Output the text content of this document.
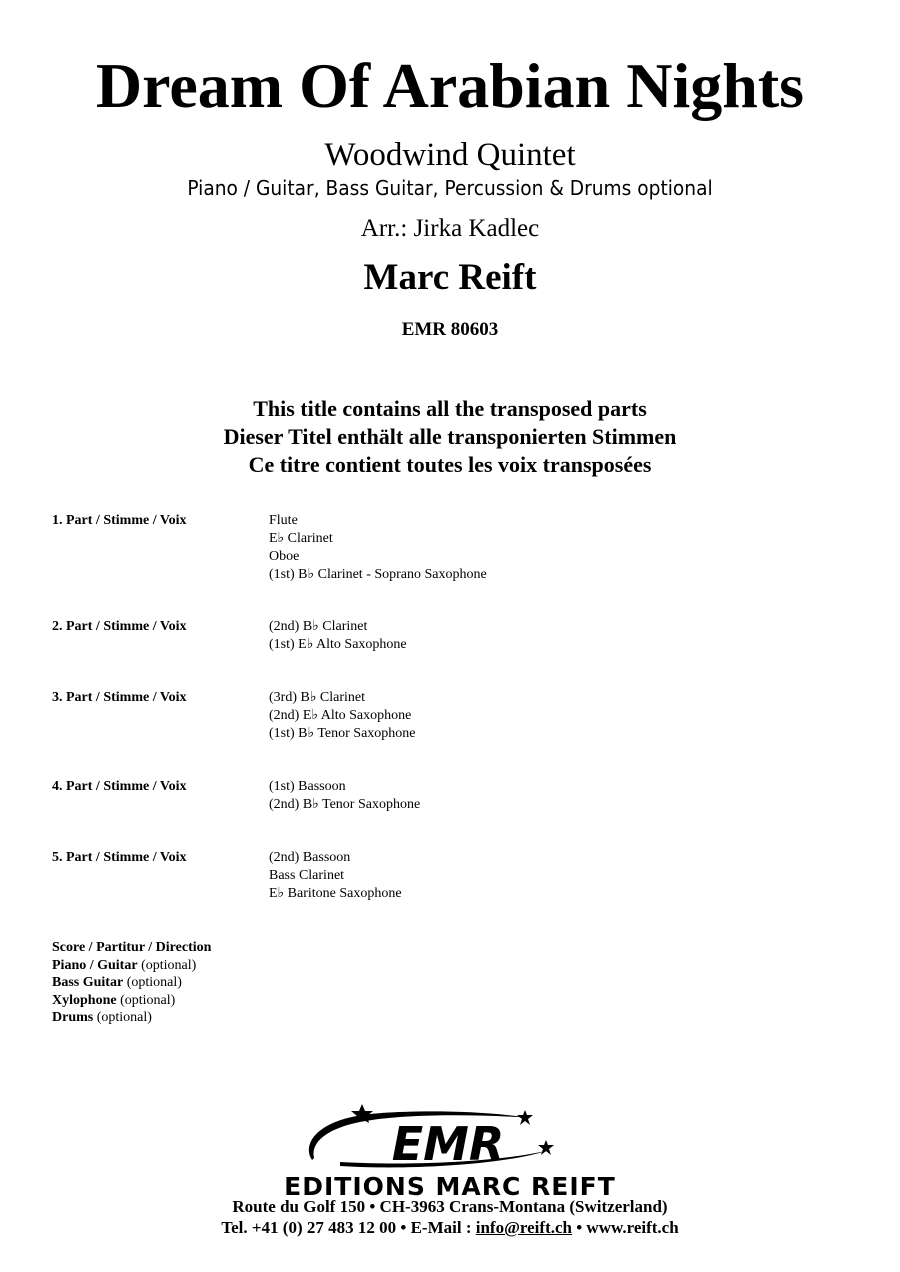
Dream Of Arabian Nights
Woodwind Quintet
Piano / Guitar, Bass Guitar, Percussion & Drums optional
Arr.: Jirka Kadlec
Marc Reift
EMR 80603
This title contains all the transposed parts
Dieser Titel enthält alle transponierten Stimmen
Ce titre contient toutes les voix transposées
1. Part / Stimme / Voix	Flute
E♭ Clarinet
Oboe
(1st) B♭ Clarinet - Soprano Saxophone
2. Part / Stimme / Voix	(2nd) B♭ Clarinet
(1st) E♭ Alto Saxophone
3. Part / Stimme / Voix	(3rd) B♭ Clarinet
(2nd) E♭ Alto Saxophone
(1st) B♭ Tenor Saxophone
4. Part / Stimme / Voix	(1st) Bassoon
(2nd) B♭ Tenor Saxophone
5. Part / Stimme / Voix	(2nd) Bassoon
Bass Clarinet
E♭ Baritone Saxophone
Score / Partitur / Direction
Piano / Guitar (optional)
Bass Guitar (optional)
Xylophone (optional)
Drums (optional)
EMR
EDITIONS MARC REIFT
Route du Golf 150 • CH-3963 Crans-Montana (Switzerland)
Tel. +41 (0) 27 483 12 00 • E-Mail : info@reift.ch • www.reift.ch
